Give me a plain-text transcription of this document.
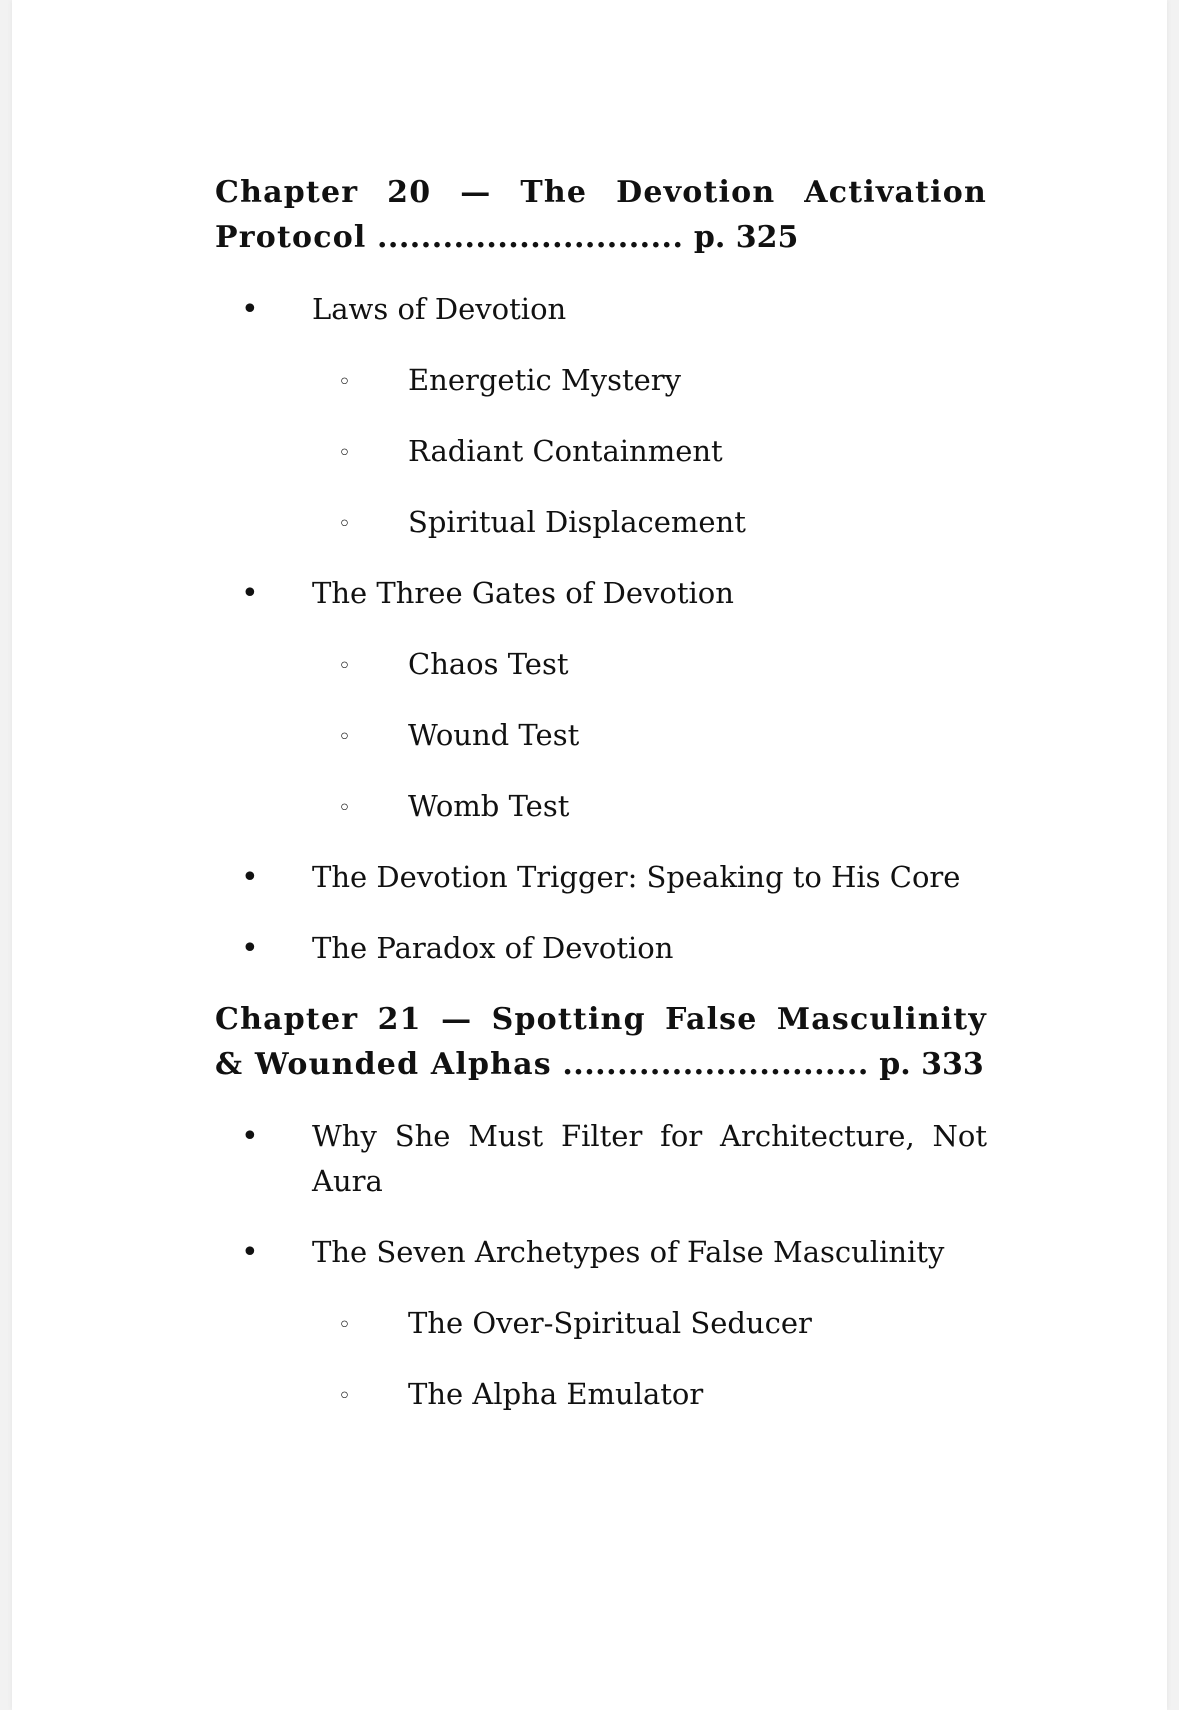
Chapter 20 — The Devotion Activation Protocol ............................ p. 325

• Laws of Devotion
◦ Energetic Mystery
◦ Radiant Containment
◦ Spiritual Displacement
• The Three Gates of Devotion
◦ Chaos Test
◦ Wound Test
◦ Womb Test
• The Devotion Trigger: Speaking to His Core
• The Paradox of Devotion

Chapter 21 — Spotting False Masculinity & Wounded Alphas ............................ p. 333

• Why She Must Filter for Architecture, Not Aura
• The Seven Archetypes of False Masculinity
◦ The Over-Spiritual Seducer
◦ The Alpha Emulator
